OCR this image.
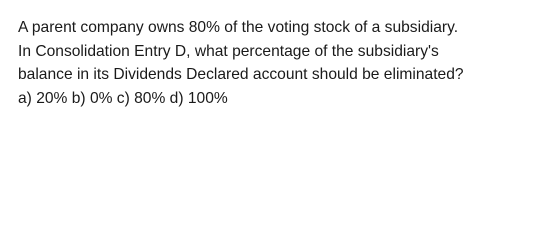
A parent company owns 80% of the voting stock of a subsidiary.
In Consolidation Entry D, what percentage of the subsidiary's
balance in its Dividends Declared account should be eliminated?
a) 20% b) 0% c) 80% d) 100%
